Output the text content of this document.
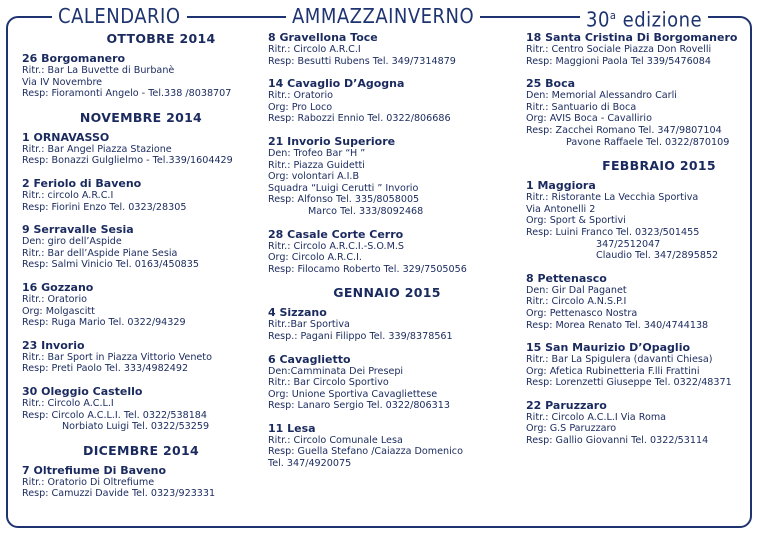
CALENDARIO	AMMAZZAINVERNO	30$^a$ edizione
OTTOBRE 2014
26 Borgomanero
Ritr.: Bar La Buvette di Burbanè
Via IV Novembre
Resp: Fioramonti Angelo - Tel.338 /8038707
NOVEMBRE 2014
1 ORNAVASSO
Ritr.: Bar Angel Piazza Stazione
Resp: Bonazzi Gulglielmo - Tel.339/1604429
2 Feriolo di Baveno
Ritr.: circolo A.R.C.I
Resp: Fiorini Enzo Tel. 0323/28305
9 Serravalle Sesia
Den: giro dell’Aspide
Ritr.: Bar dell’Aspide Piane Sesia
Resp: Salmi Vinicio Tel. 0163/450835
16 Gozzano
Ritr.: Oratorio
Org: Molgascitt
Resp: Ruga Mario Tel. 0322/94329
23 Invorio
Ritr.: Bar Sport in Piazza Vittorio Veneto
Resp: Preti Paolo Tel. 333/4982492
30 Oleggio Castello
Ritr.: Circolo A.C.L.I
Resp: Circolo A.C.L.I. Tel. 0322/538184
Norbiato Luigi Tel. 0322/53259
DICEMBRE 2014
7 Oltrefiume Di Baveno
Ritr.: Oratorio Di Oltrefiume
Resp: Camuzzi Davide Tel. 0323/923331
8 Gravellona Toce
Ritr.: Circolo A.R.C.I
Resp: Besutti Rubens Tel. 349/7314879
14 Cavaglio D’Agogna
Ritr.: Oratorio
Org: Pro Loco
Resp: Rabozzi Ennio Tel. 0322/806686
21 Invorio Superiore
Den: Trofeo Bar “H ”
Ritr.: Piazza Guidetti
Org: volontari A.I.B
Squadra “Luigi Cerutti ” Invorio
Resp: Alfonso Tel. 335/8058005
Marco Tel. 333/8092468
28 Casale Corte Cerro
Ritr.: Circolo A.R.C.I.-S.O.M.S
Org: Circolo A.R.C.I.
Resp: Filocamo Roberto Tel. 329/7505056
GENNAIO 2015
4 Sizzano
Ritr.:Bar Sportiva
Resp.: Pagani Filippo Tel. 339/8378561
6 Cavaglietto
Den:Camminata Dei Presepi
Ritr.: Bar Circolo Sportivo
Org: Unione Sportiva Cavagliettese
Resp: Lanaro Sergio Tel. 0322/806313
11 Lesa
Ritr.: Circolo Comunale Lesa
Resp: Guella Stefano /Caiazza Domenico
Tel. 347/4920075
18 Santa Cristina Di Borgomanero
Ritr.: Centro Sociale Piazza Don Rovelli
Resp: Maggioni Paola Tel 339/5476084
25 Boca
Den: Memorial Alessandro Carli
Ritr.: Santuario di Boca
Org: AVIS Boca - Cavallirio
Resp: Zacchei Romano Tel. 347/9807104
Pavone Raffaele Tel. 0322/870109
FEBBRAIO 2015
1 Maggiora
Ritr.: Ristorante La Vecchia Sportiva
Via Antonelli 2
Org: Sport & Sportivi
Resp: Luini Franco Tel. 0323/501455
347/2512047
Claudio Tel. 347/2895852
8 Pettenasco
Den: Gir Dal Paganet
Ritr.: Circolo A.N.S.P.I
Org: Pettenasco Nostra
Resp: Morea Renato Tel. 340/4744138
15 San Maurizio D’Opaglio
Ritr.: Bar La Spigulera (davanti Chiesa)
Org: Afetica Rubinetteria F.lli Frattini
Resp: Lorenzetti Giuseppe Tel. 0322/48371
22 Paruzzaro
Ritr.: Circolo A.C.L.I Via Roma
Org: G.S Paruzzaro
Resp: Gallio Giovanni Tel. 0322/53114
